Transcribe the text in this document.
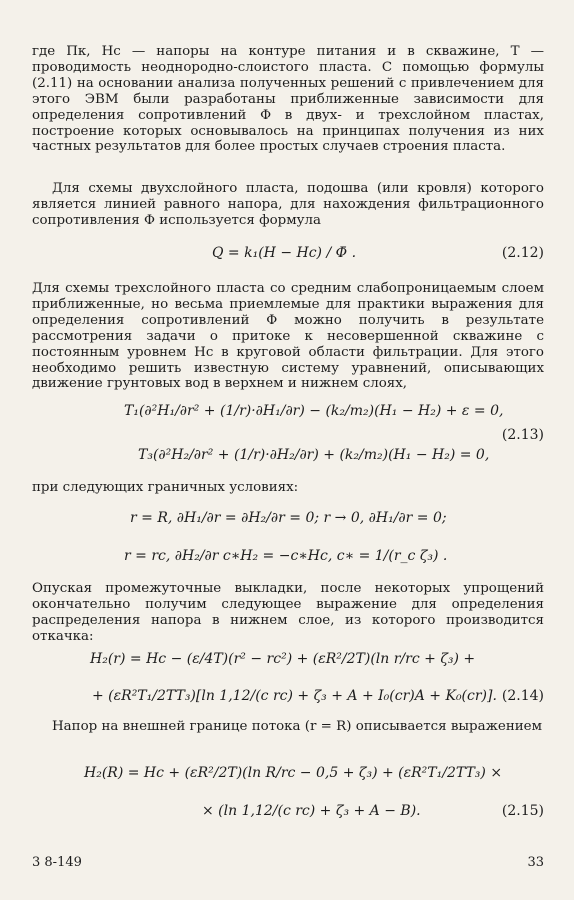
где Пк, Нс — напоры на контуре питания и в скважине, T — проводимость неоднородно-слоистого пласта. С помощью формулы (2.11) на основании анализа полученных решений с привлечением для этого ЭВМ были разработаны приближенные зависимости для определения сопротивлений Φ в двух- и трехслойном пластах, построение которых основывалось на принципах получения из них частных результатов для более простых случаев строения пласта.

Для схемы двухслойного пласта, подошва (или кровля) которого является линией равного напора, для нахождения фильтрационного сопротивления Φ используется формула

Q = k₁(Н − Нс) / Φ̄ .	(2.12)

Для схемы трехслойного пласта со средним слабопроницаемым слоем приближенные, но весьма приемлемые для практики выражения для определения сопротивлений Φ можно получить в результате рассмотрения задачи о притоке к несовершенной скважине с постоянным уровнем Нс в круговой области фильтрации. Для этого необходимо решить известную систему уравнений, описывающих движение грунтовых вод в верхнем и нижнем слоях,

T₁(∂²H₁/∂r² + (1/r)·∂H₁/∂r) − (k₂/m₂)(Н₁ − Н₂) + ε = 0,
(2.13)
T₃(∂²H₂/∂r² + (1/r)·∂H₂/∂r) + (k₂/m₂)(Н₁ − Н₂) = 0,

при следующих граничных условиях:

r = R, ∂H₁/∂r = ∂H₂/∂r = 0; r → 0, ∂H₁/∂r = 0;
r = rс, ∂H₂/∂r c∗H₂ = −c∗Нс, c∗ = 1/(r_c ζ₃) .

Опуская промежуточные выкладки, после некоторых упрощений окончательно получим следующее выражение для определения распределения напора в нижнем слое, из которого производится откачка:

H₂(r) = Нс − (ε/4T)(r² − rс²) + (εR²/2T)(ln r/rс + ζ₃) +
+ (εR²T₁/2TT₃)[ln 1,12/(c rс) + ζ₃ + A + I₀(cr)A + K₀(cr)]. (2.14)

Напор на внешней границе потока (r = R) описывается выражением

H₂(R) = Нс + (εR²/2T)(ln R/rс − 0,5 + ζ₃) + (εR²T₁/2TT₃) ×
× (ln 1,12/(c rс) + ζ₃ + A − B).	(2.15)
3 8-149	33
